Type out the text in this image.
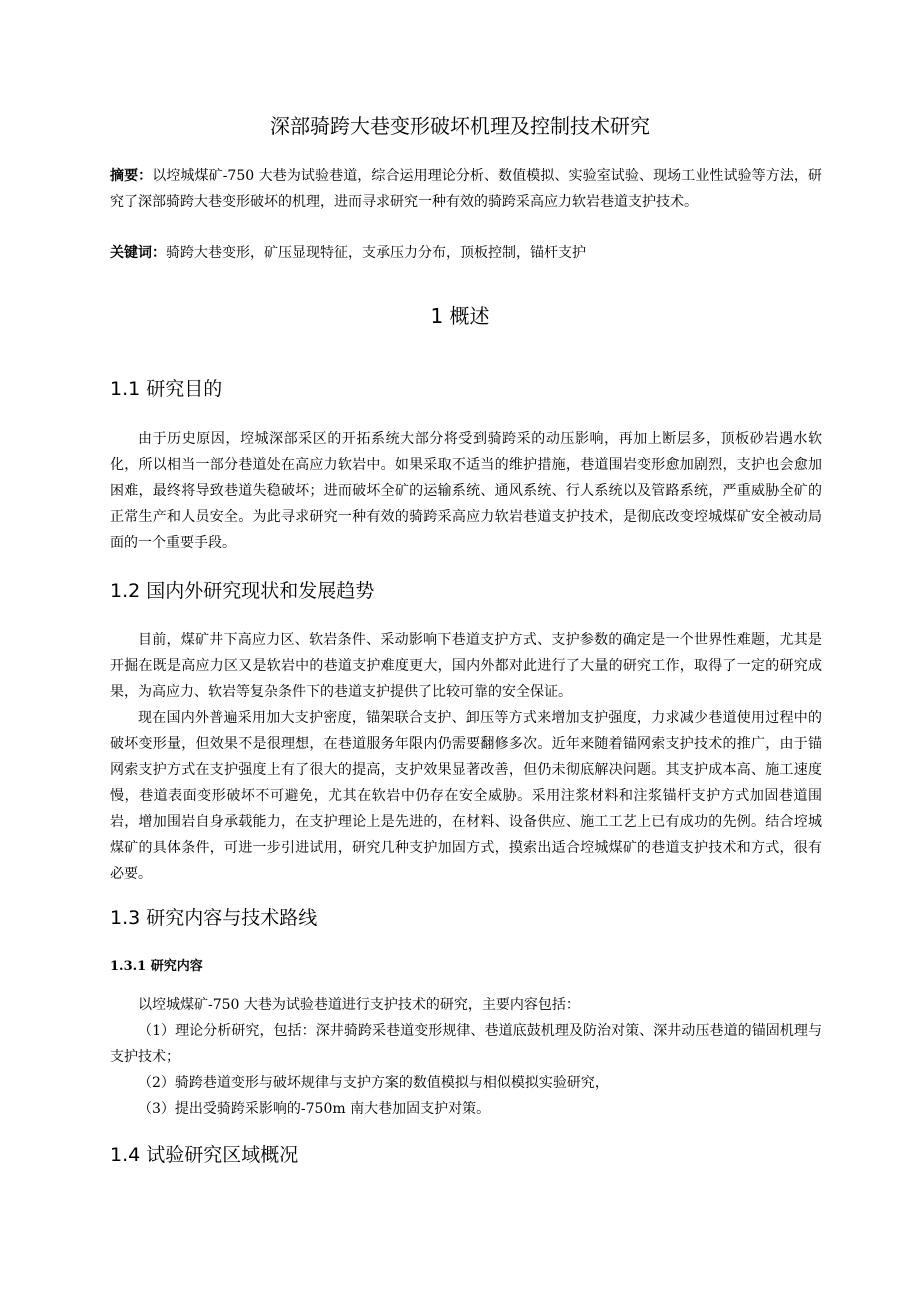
深部骑跨大巷变形破坏机理及控制技术研究

摘要：以埪城煤矿-750 大巷为试验巷道，综合运用理论分析、数值模拟、实验室试验、现场工业性试验等方法，研究了深部骑跨大巷变形破坏的机理，进而寻求研究一种有效的骑跨采高应力软岩巷道支护技术。

关键词：骑跨大巷变形，矿压显现特征，支承压力分布，顶板控制，锚杆支护

1 概述
1.1 研究目的

由于历史原因，埪城深部采区的开拓系统大部分将受到骑跨采的动压影响，再加上断层多，顶板砂岩遇水软化，所以相当一部分巷道处在高应力软岩中。如果采取不适当的维护措施，巷道围岩变形愈加剧烈，支护也会愈加困难，最终将导致巷道失稳破坏；进而破坏全矿的运输系统、通风系统、行人系统以及管路系统，严重威胁全矿的正常生产和人员安全。为此寻求研究一种有效的骑跨采高应力软岩巷道支护技术，是彻底改变埪城煤矿安全被动局面的一个重要手段。

1.2 国内外研究现状和发展趋势

目前，煤矿井下高应力区、软岩条件、采动影响下巷道支护方式、支护参数的确定是一个世界性难题，尤其是开掘在既是高应力区又是软岩中的巷道支护难度更大，国内外都对此进行了大量的研究工作，取得了一定的研究成果，为高应力、软岩等复杂条件下的巷道支护提供了比较可靠的安全保证。

现在国内外普遍采用加大支护密度，锚架联合支护、卸压等方式来增加支护强度，力求减少巷道使用过程中的破坏变形量，但效果不是很理想，在巷道服务年限内仍需要翻修多次。近年来随着锚网索支护技术的推广，由于锚网索支护方式在支护强度上有了很大的提高，支护效果显著改善，但仍未彻底解决问题。其支护成本高、施工速度慢，巷道表面变形破坏不可避免，尤其在软岩中仍存在安全威胁。采用注浆材料和注浆锚杆支护方式加固巷道围岩，增加围岩自身承载能力，在支护理论上是先进的，在材料、设备供应、施工工艺上已有成功的先例。结合埪城煤矿的具体条件，可进一步引进试用，研究几种支护加固方式，摸索出适合埪城煤矿的巷道支护技术和方式，很有必要。

1.3 研究内容与技术路线
1.3.1 研究内容

以埪城煤矿-750 大巷为试验巷道进行支护技术的研究，主要内容包括：

（1）理论分析研究，包括：深井骑跨采巷道变形规律、巷道底鼓机理及防治对策、深井动压巷道的锚固机理与支护技术；

（2）骑跨巷道变形与破坏规律与支护方案的数值模拟与相似模拟实验研究，

（3）提出受骑跨采影响的-750m 南大巷加固支护对策。

1.4 试验研究区域概况
